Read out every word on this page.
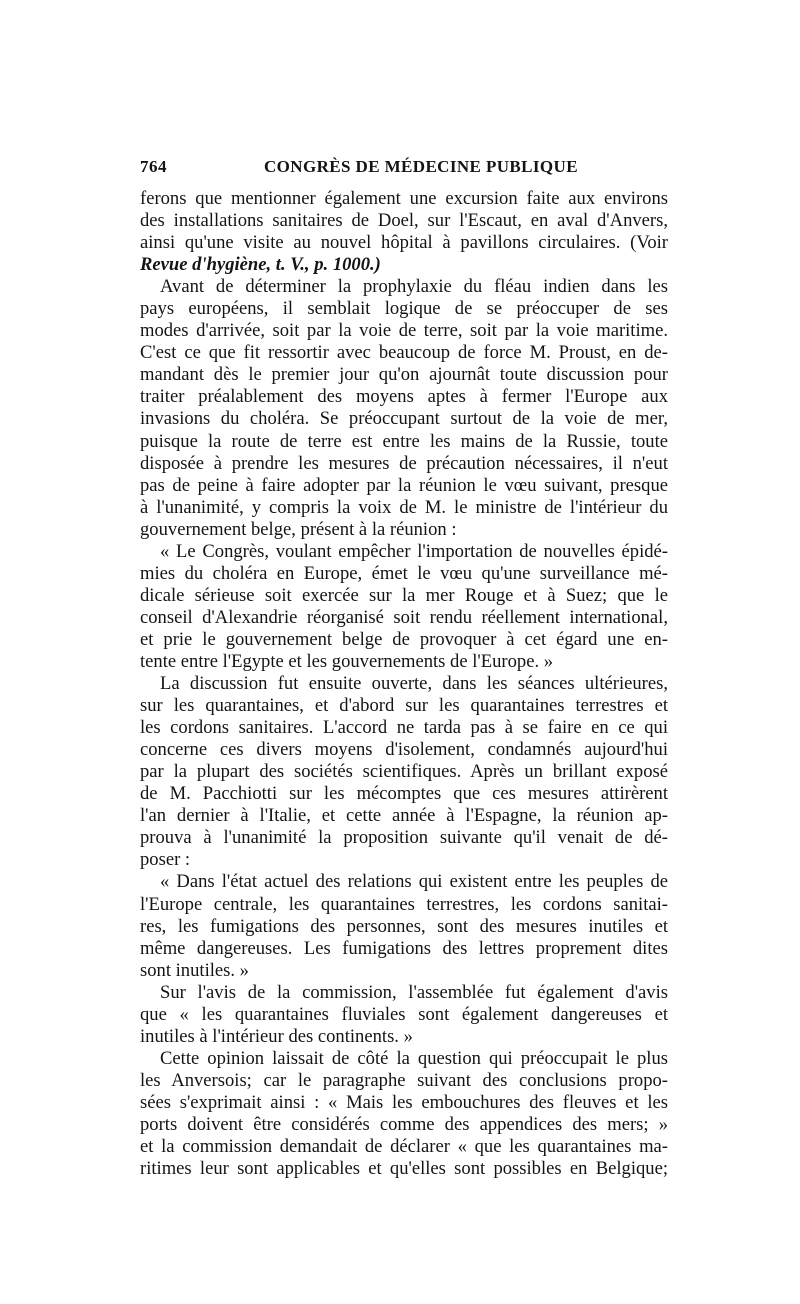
764	CONGRÈS DE MÉDECINE PUBLIQUE
ferons que mentionner également une excursion faite aux environs
des installations sanitaires de Doel, sur l'Escaut, en aval d'Anvers,
ainsi qu'une visite au nouvel hôpital à pavillons circulaires. (Voir
Revue d'hygiène, t. V., p. 1000.)
Avant de déterminer la prophylaxie du fléau indien dans les
pays européens, il semblait logique de se préoccuper de ses
modes d'arrivée, soit par la voie de terre, soit par la voie maritime.
C'est ce que fit ressortir avec beaucoup de force M. Proust, en de-
mandant dès le premier jour qu'on ajournât toute discussion pour
traiter préalablement des moyens aptes à fermer l'Europe aux
invasions du choléra. Se préoccupant surtout de la voie de mer,
puisque la route de terre est entre les mains de la Russie, toute
disposée à prendre les mesures de précaution nécessaires, il n'eut
pas de peine à faire adopter par la réunion le vœu suivant, presque
à l'unanimité, y compris la voix de M. le ministre de l'intérieur du
gouvernement belge, présent à la réunion :
« Le Congrès, voulant empêcher l'importation de nouvelles épidé-
mies du choléra en Europe, émet le vœu qu'une surveillance mé-
dicale sérieuse soit exercée sur la mer Rouge et à Suez; que le
conseil d'Alexandrie réorganisé soit rendu réellement international,
et prie le gouvernement belge de provoquer à cet égard une en-
tente entre l'Egypte et les gouvernements de l'Europe. »
La discussion fut ensuite ouverte, dans les séances ultérieures,
sur les quarantaines, et d'abord sur les quarantaines terrestres et
les cordons sanitaires. L'accord ne tarda pas à se faire en ce qui
concerne ces divers moyens d'isolement, condamnés aujourd'hui
par la plupart des sociétés scientifiques. Après un brillant exposé
de M. Pacchiotti sur les mécomptes que ces mesures attirèrent
l'an dernier à l'Italie, et cette année à l'Espagne, la réunion ap-
prouva à l'unanimité la proposition suivante qu'il venait de dé-
poser :
« Dans l'état actuel des relations qui existent entre les peuples de
l'Europe centrale, les quarantaines terrestres, les cordons sanitai-
res, les fumigations des personnes, sont des mesures inutiles et
même dangereuses. Les fumigations des lettres proprement dites
sont inutiles. »
Sur l'avis de la commission, l'assemblée fut également d'avis
que « les quarantaines fluviales sont également dangereuses et
inutiles à l'intérieur des continents. »
Cette opinion laissait de côté la question qui préoccupait le plus
les Anversois; car le paragraphe suivant des conclusions propo-
sées s'exprimait ainsi : « Mais les embouchures des fleuves et les
ports doivent être considérés comme des appendices des mers; »
et la commission demandait de déclarer « que les quarantaines ma-
ritimes leur sont applicables et qu'elles sont possibles en Belgique;
